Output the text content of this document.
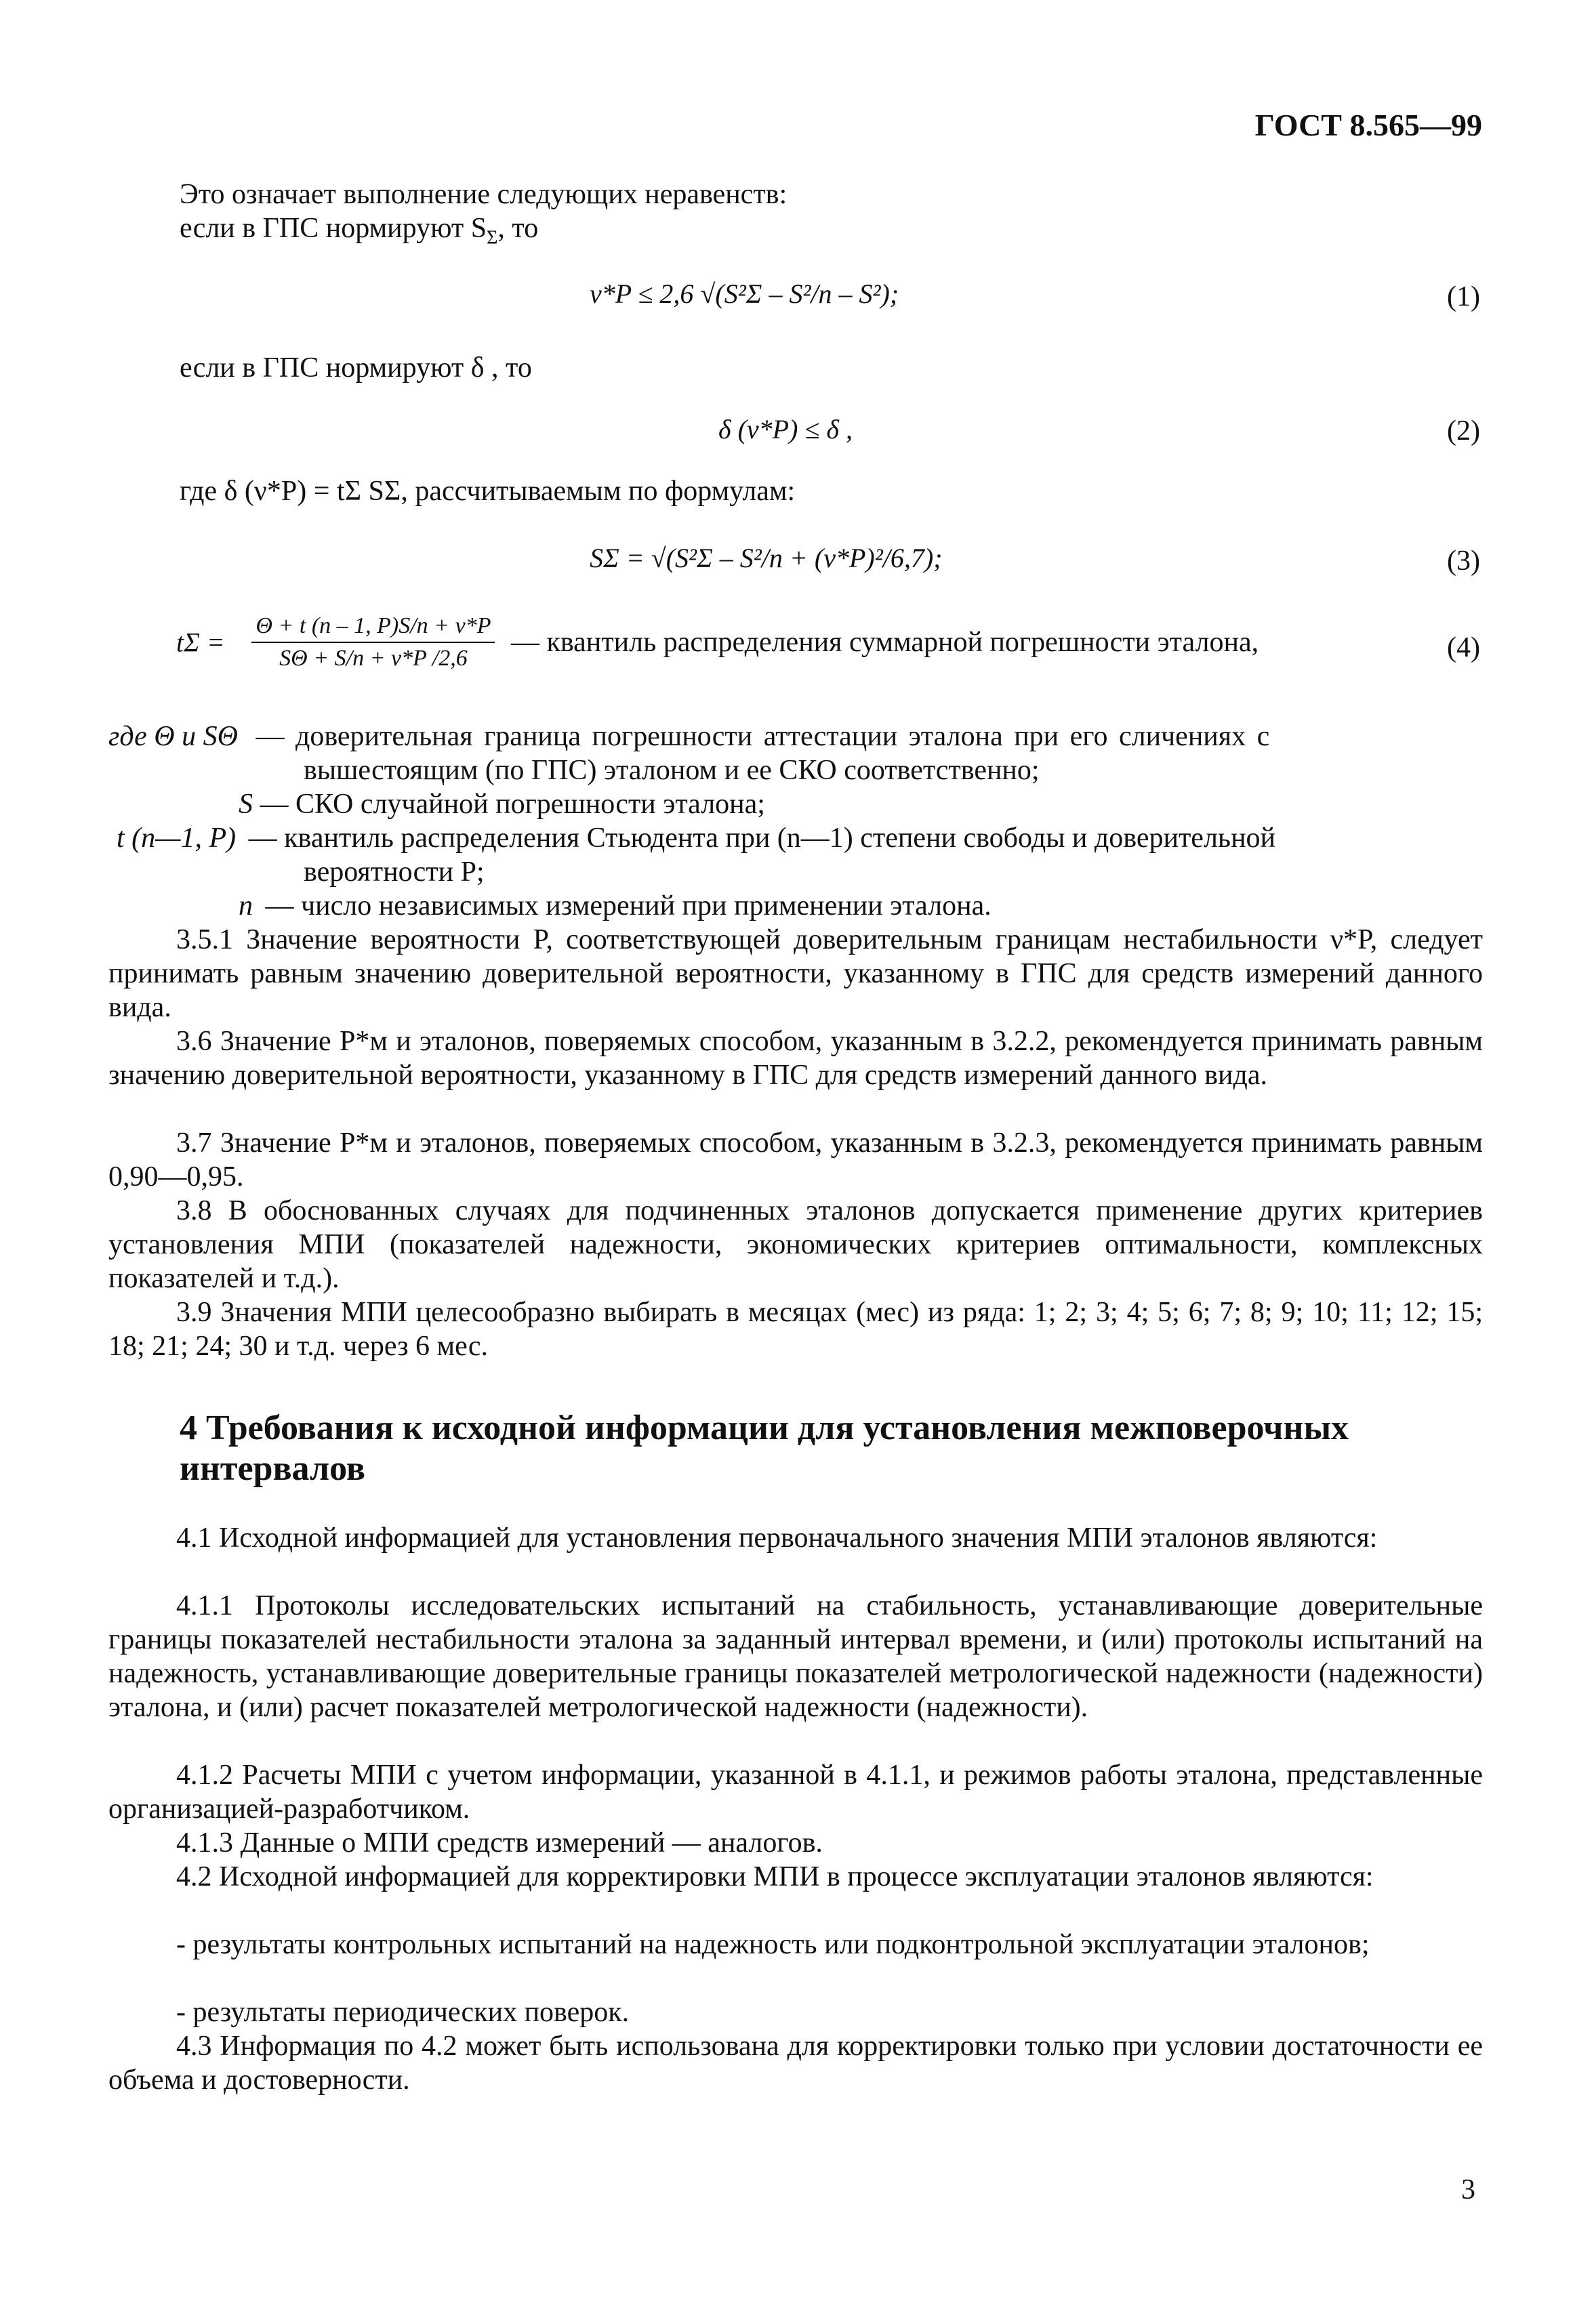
ГОСТ 8.565—99
Это означает выполнение следующих неравенств:
если в ГПС нормируют $S_\Sigma$, то
ν*P ≤ 2,6 √(S²Σ – S²/n – S²);	(1)
если в ГПС нормируют δ , то
δ (ν*P) ≤ δ ,	(2)
где δ (ν*P) = tΣ SΣ, рассчитываемым по формулам:
SΣ = √(S²Σ – S²/n + (ν*P)²/6,7);	(3)
$t\Sigma = \frac{\Theta + t (n - 1, P)S/n + \nu*P}{S\Theta + S/n + \nu*P /2,6}$ — квантиль распределения суммарной погрешности эталона,	(4)
где Θ и SΘ — доверительная граница погрешности аттестации эталона при его сличениях с
вышестоящим (по ГПС) эталоном и ее СКО соответственно;
S — СКО случайной погрешности эталона;
t (n—1, P) — квантиль распределения Стьюдента при (n—1) степени свободы и доверительной
вероятности P;
n — число независимых измерений при применении эталона.
3.5.1 Значение вероятности P, соответствующей доверительным границам нестабильности ν*P, следует принимать равным значению доверительной вероятности, указанному в ГПС для средств измерений данного вида.
3.6 Значение P*м и эталонов, поверяемых способом, указанным в 3.2.2, рекомендуется принимать равным значению доверительной вероятности, указанному в ГПС для средств измерений данного вида.
3.7 Значение P*м и эталонов, поверяемых способом, указанным в 3.2.3, рекомендуется принимать равным 0,90—0,95.
3.8 В обоснованных случаях для подчиненных эталонов допускается применение других критериев установления МПИ (показателей надежности, экономических критериев оптимальности, комплексных показателей и т.д.).
3.9 Значения МПИ целесообразно выбирать в месяцах (мес) из ряда: 1; 2; 3; 4; 5; 6; 7; 8; 9; 10; 11; 12; 15; 18; 21; 24; 30 и т.д. через 6 мес.
4 Требования к исходной информации для установления межповерочных интервалов
4.1 Исходной информацией для установления первоначального значения МПИ эталонов являются:
4.1.1 Протоколы исследовательских испытаний на стабильность, устанавливающие доверительные границы показателей нестабильности эталона за заданный интервал времени, и (или) протоколы испытаний на надежность, устанавливающие доверительные границы показателей метрологической надежности (надежности) эталона, и (или) расчет показателей метрологической надежности (надежности).
4.1.2 Расчеты МПИ с учетом информации, указанной в 4.1.1, и режимов работы эталона, представленные организацией-разработчиком.
4.1.3 Данные о МПИ средств измерений — аналогов.
4.2 Исходной информацией для корректировки МПИ в процессе эксплуатации эталонов являются:
- результаты контрольных испытаний на надежность или подконтрольной эксплуатации эталонов;
- результаты периодических поверок.
4.3 Информация по 4.2 может быть использована для корректировки только при условии достаточности ее объема и достоверности.
3
